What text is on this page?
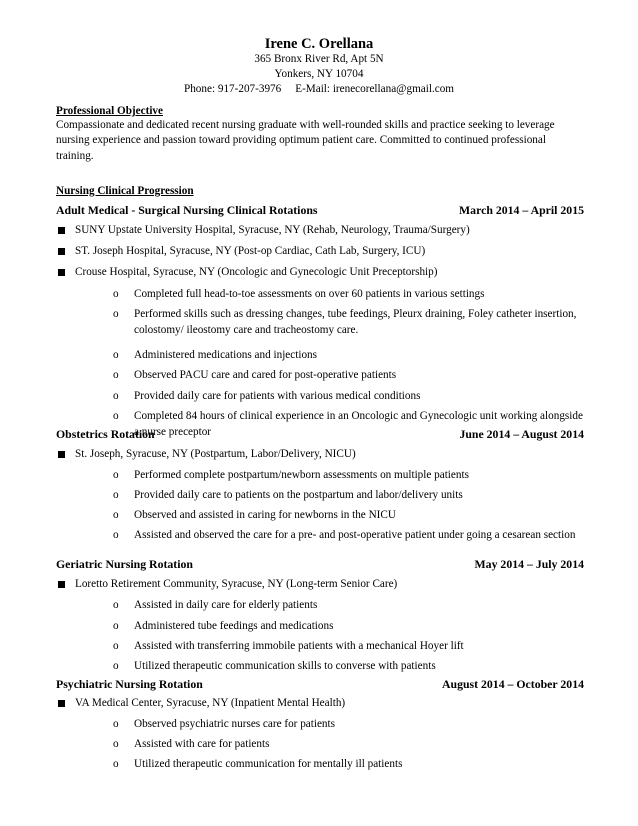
Irene C. Orellana
365 Bronx River Rd, Apt 5N
Yonkers, NY 10704
Phone: 917-207-3976     E-Mail: irenecorellana@gmail.com
Professional Objective
Compassionate and dedicated recent nursing graduate with well-rounded skills and practice seeking to leverage nursing experience and passion toward providing optimum patient care. Committed to continued professional training.
Nursing Clinical Progression
Adult Medical - Surgical Nursing Clinical Rotations	March 2014 – April 2015
SUNY Upstate University Hospital, Syracuse, NY (Rehab, Neurology, Trauma/Surgery)
ST. Joseph Hospital, Syracuse, NY (Post-op Cardiac, Cath Lab, Surgery, ICU)
Crouse Hospital, Syracuse, NY (Oncologic and Gynecologic Unit Preceptorship)
o Completed full head-to-toe assessments on over 60 patients in various settings
o Performed skills such as dressing changes, tube feedings, Pleurx draining, Foley catheter insertion, colostomy/ ileostomy care and tracheostomy care.
o Administered medications and injections
o Observed PACU care and cared for post-operative patients
o Provided daily care for patients with various medical conditions
o Completed 84 hours of clinical experience in an Oncologic and Gynecologic unit working alongside a nurse preceptor
Obstetrics Rotation	June 2014 – August 2014
St. Joseph, Syracuse, NY (Postpartum, Labor/Delivery, NICU)
o Performed complete postpartum/newborn assessments on multiple patients
o Provided daily care to patients on the postpartum and labor/delivery units
o Observed and assisted in caring for newborns in the NICU
o Assisted and observed the care for a pre- and post-operative patient under going a cesarean section
Geriatric Nursing Rotation	May 2014 – July 2014
Loretto Retirement Community, Syracuse, NY (Long-term Senior Care)
o Assisted in daily care for elderly patients
o Administered tube feedings and medications
o Assisted with transferring immobile patients with a mechanical Hoyer lift
o Utilized therapeutic communication skills to converse with patients
Psychiatric Nursing Rotation	August 2014 – October 2014
VA Medical Center, Syracuse, NY (Inpatient Mental Health)
o Observed psychiatric nurses care for patients
o Assisted with care for patients
o Utilized therapeutic communication for mentally ill patients
